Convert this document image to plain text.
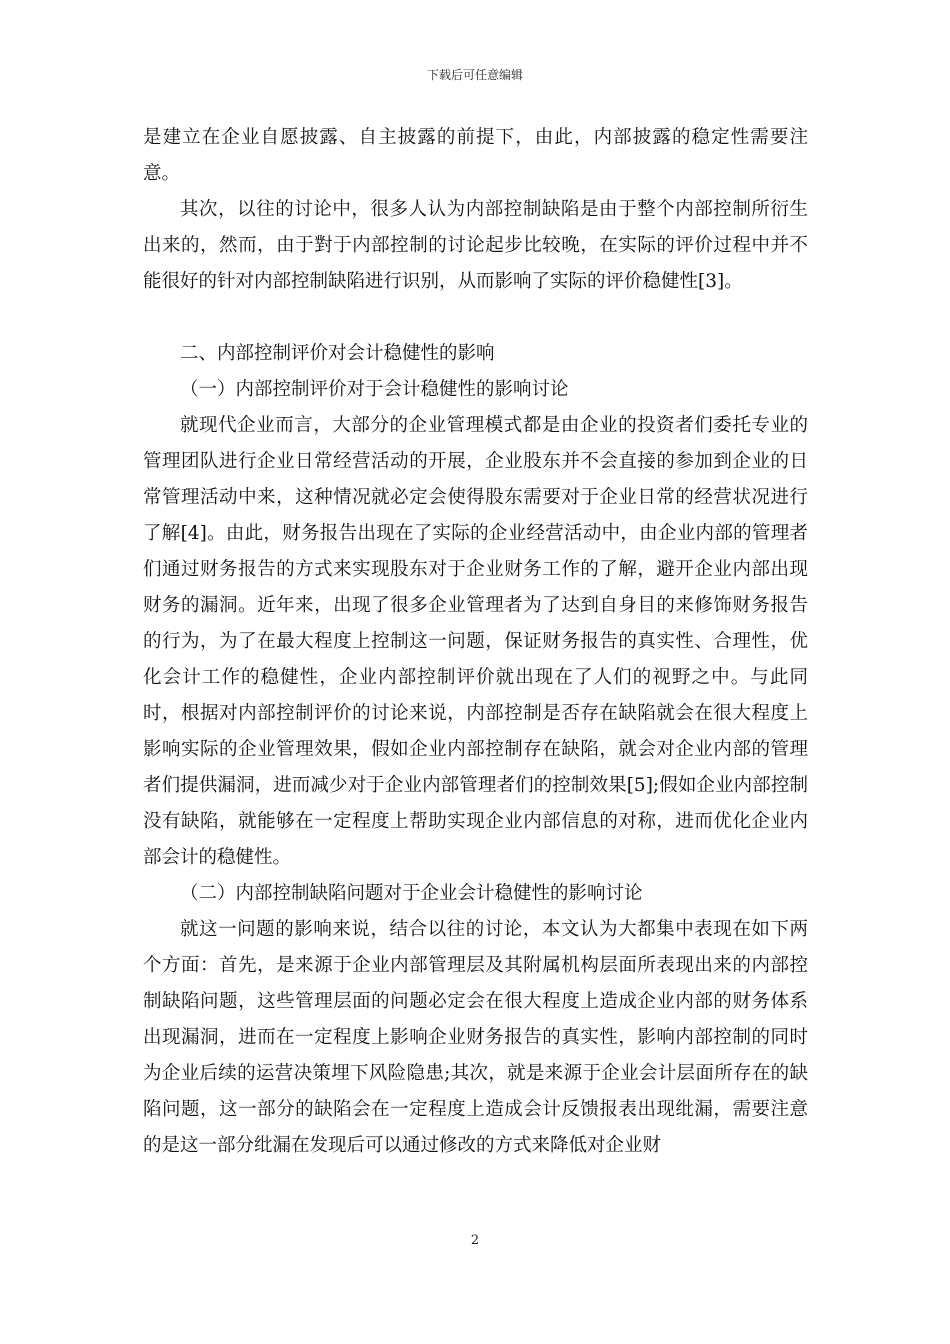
下载后可任意编辑

是建立在企业自愿披露、自主披露的前提下，由此，内部披露的稳定性需要注意。

其次，以往的讨论中，很多人认为内部控制缺陷是由于整个内部控制所衍生出来的，然而，由于對于内部控制的讨论起步比较晚，在实际的评价过程中并不能很好的针对内部控制缺陷进行识别，从而影响了实际的评价稳健性[3]。

二、内部控制评价对会计稳健性的影响

（一）内部控制评价对于会计稳健性的影响讨论

就现代企业而言，大部分的企业管理模式都是由企业的投资者们委托专业的管理团队进行企业日常经营活动的开展，企业股东并不会直接的参加到企业的日常管理活动中来，这种情况就必定会使得股东需要对于企业日常的经营状况进行了解[4]。由此，财务报告出现在了实际的企业经营活动中，由企业内部的管理者们通过财务报告的方式来实现股东对于企业财务工作的了解，避开企业内部出现财务的漏洞。近年来，出现了很多企业管理者为了达到自身目的来修饰财务报告的行为，为了在最大程度上控制这一问题，保证财务报告的真实性、合理性，优化会计工作的稳健性，企业内部控制评价就出现在了人们的视野之中。与此同时，根据对内部控制评价的讨论来说，内部控制是否存在缺陷就会在很大程度上影响实际的企业管理效果，假如企业内部控制存在缺陷，就会对企业内部的管理者们提供漏洞，进而减少对于企业内部管理者们的控制效果[5];假如企业内部控制没有缺陷，就能够在一定程度上帮助实现企业内部信息的对称，进而优化企业内部会计的稳健性。

（二）内部控制缺陷问题对于企业会计稳健性的影响讨论

就这一问题的影响来说，结合以往的讨论，本文认为大都集中表现在如下两个方面：首先，是来源于企业内部管理层及其附属机构层面所表现出来的内部控制缺陷问题，这些管理层面的问题必定会在很大程度上造成企业内部的财务体系出现漏洞，进而在一定程度上影响企业财务报告的真实性，影响内部控制的同时为企业后续的运营决策埋下风险隐患;其次，就是来源于企业会计层面所存在的缺陷问题，这一部分的缺陷会在一定程度上造成会计反馈报表出现纰漏，需要注意的是这一部分纰漏在发现后可以通过修改的方式来降低对企业财

2
